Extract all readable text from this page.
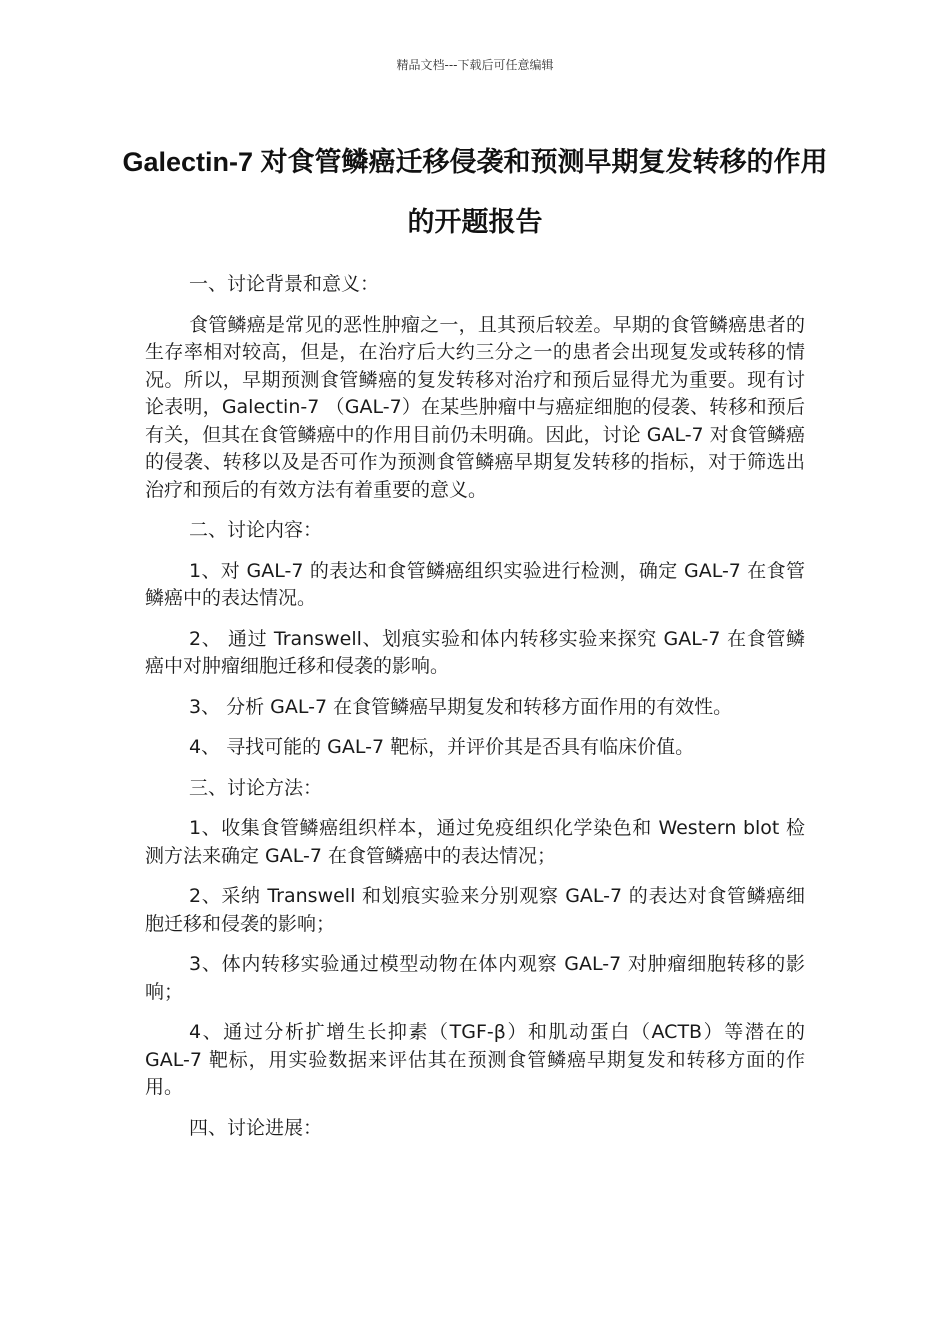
精品文档---下载后可任意编辑
Galectin-7 对食管鳞癌迁移侵袭和预测早期复发转移的作用的开题报告

一、讨论背景和意义：

食管鳞癌是常见的恶性肿瘤之一，且其预后较差。早期的食管鳞癌患者的生存率相对较高，但是，在治疗后大约三分之一的患者会出现复发或转移的情况。所以，早期预测食管鳞癌的复发转移对治疗和预后显得尤为重要。现有讨论表明，Galectin-7 （GAL-7）在某些肿瘤中与癌症细胞的侵袭、转移和预后有关，但其在食管鳞癌中的作用目前仍未明确。因此，讨论 GAL-7 对食管鳞癌的侵袭、转移以及是否可作为预测食管鳞癌早期复发转移的指标，对于筛选出治疗和预后的有效方法有着重要的意义。

二、讨论内容：

1、对 GAL-7 的表达和食管鳞癌组织实验进行检测，确定 GAL-7 在食管鳞癌中的表达情况。

2、 通过 Transwell、划痕实验和体内转移实验来探究 GAL-7 在食管鳞癌中对肿瘤细胞迁移和侵袭的影响。

3、 分析 GAL-7 在食管鳞癌早期复发和转移方面作用的有效性。

4、 寻找可能的 GAL-7 靶标，并评价其是否具有临床价值。

三、讨论方法：

1、收集食管鳞癌组织样本，通过免疫组织化学染色和 Western blot 检测方法来确定 GAL-7 在食管鳞癌中的表达情况；

2、采纳 Transwell 和划痕实验来分别观察 GAL-7 的表达对食管鳞癌细胞迁移和侵袭的影响；

3、体内转移实验通过模型动物在体内观察 GAL-7 对肿瘤细胞转移的影响；

4、通过分析扩增生长抑素（TGF-β）和肌动蛋白（ACTB）等潜在的 GAL-7 靶标，用实验数据来评估其在预测食管鳞癌早期复发和转移方面的作用。

四、讨论进展：
